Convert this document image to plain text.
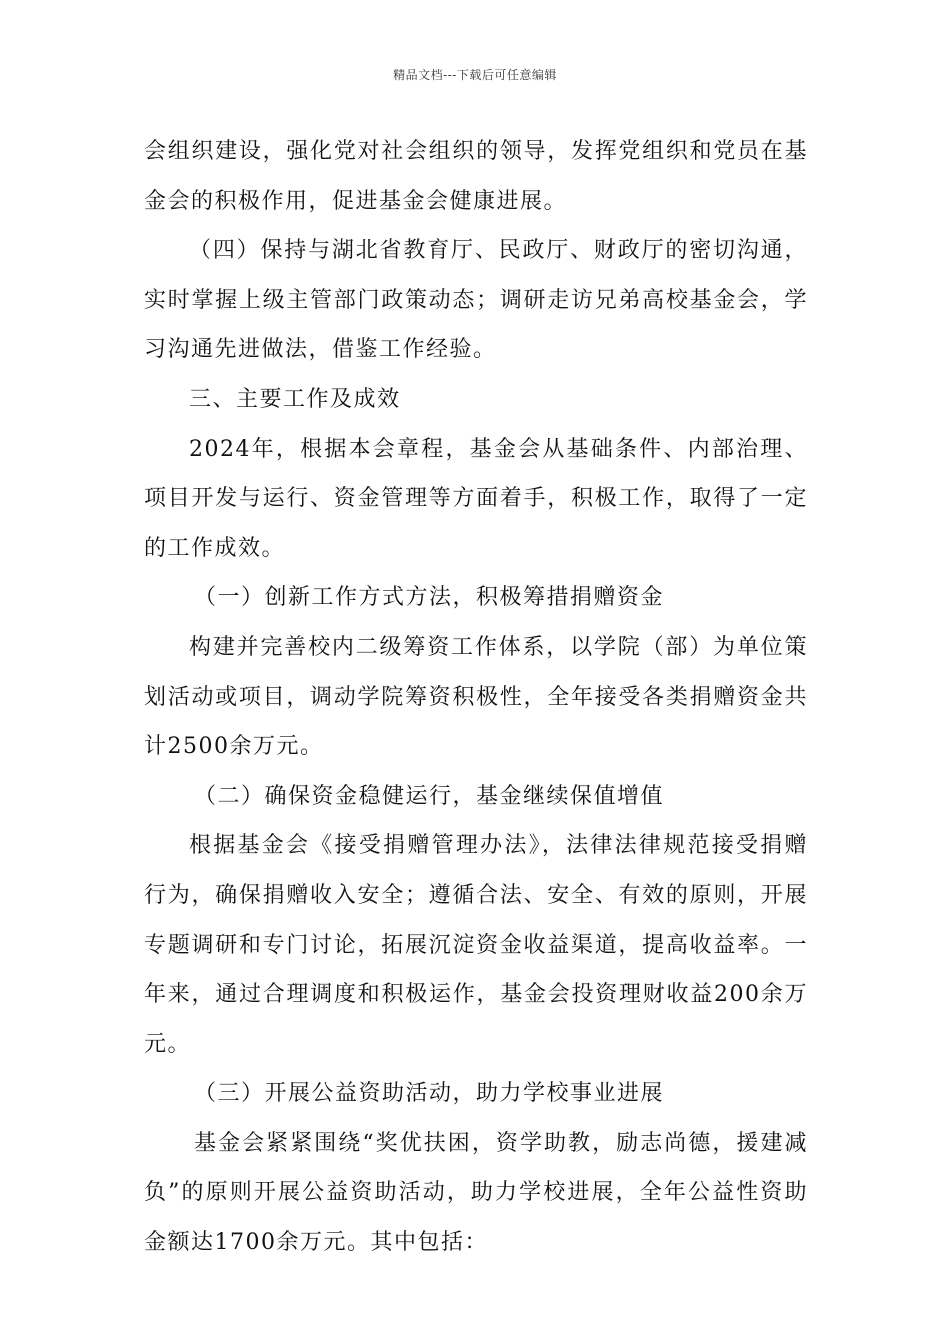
精品文档---下载后可任意编辑

会组织建设，强化党对社会组织的领导，发挥党组织和党员在基金会的积极作用，促进基金会健康进展。

（四）保持与湖北省教育厅、民政厅、财政厅的密切沟通，实时掌握上级主管部门政策动态；调研走访兄弟高校基金会，学习沟通先进做法，借鉴工作经验。

三、主要工作及成效

2024年，根据本会章程，基金会从基础条件、内部治理、项目开发与运行、资金管理等方面着手，积极工作，取得了一定的工作成效。

（一）创新工作方式方法，积极筹措捐赠资金

构建并完善校内二级筹资工作体系，以学院（部）为单位策划活动或项目，调动学院筹资积极性，全年接受各类捐赠资金共计2500余万元。

（二）确保资金稳健运行，基金继续保值增值

根据基金会《接受捐赠管理办法》，法律法律规范接受捐赠行为，确保捐赠收入安全；遵循合法、安全、有效的原则，开展专题调研和专门讨论，拓展沉淀资金收益渠道，提高收益率。一年来，通过合理调度和积极运作，基金会投资理财收益200余万元。

（三）开展公益资助活动，助力学校事业进展

基金会紧紧围绕“奖优扶困，资学助教，励志尚德，援建减负”的原则开展公益资助活动，助力学校进展，全年公益性资助金额达1700余万元。其中包括：
